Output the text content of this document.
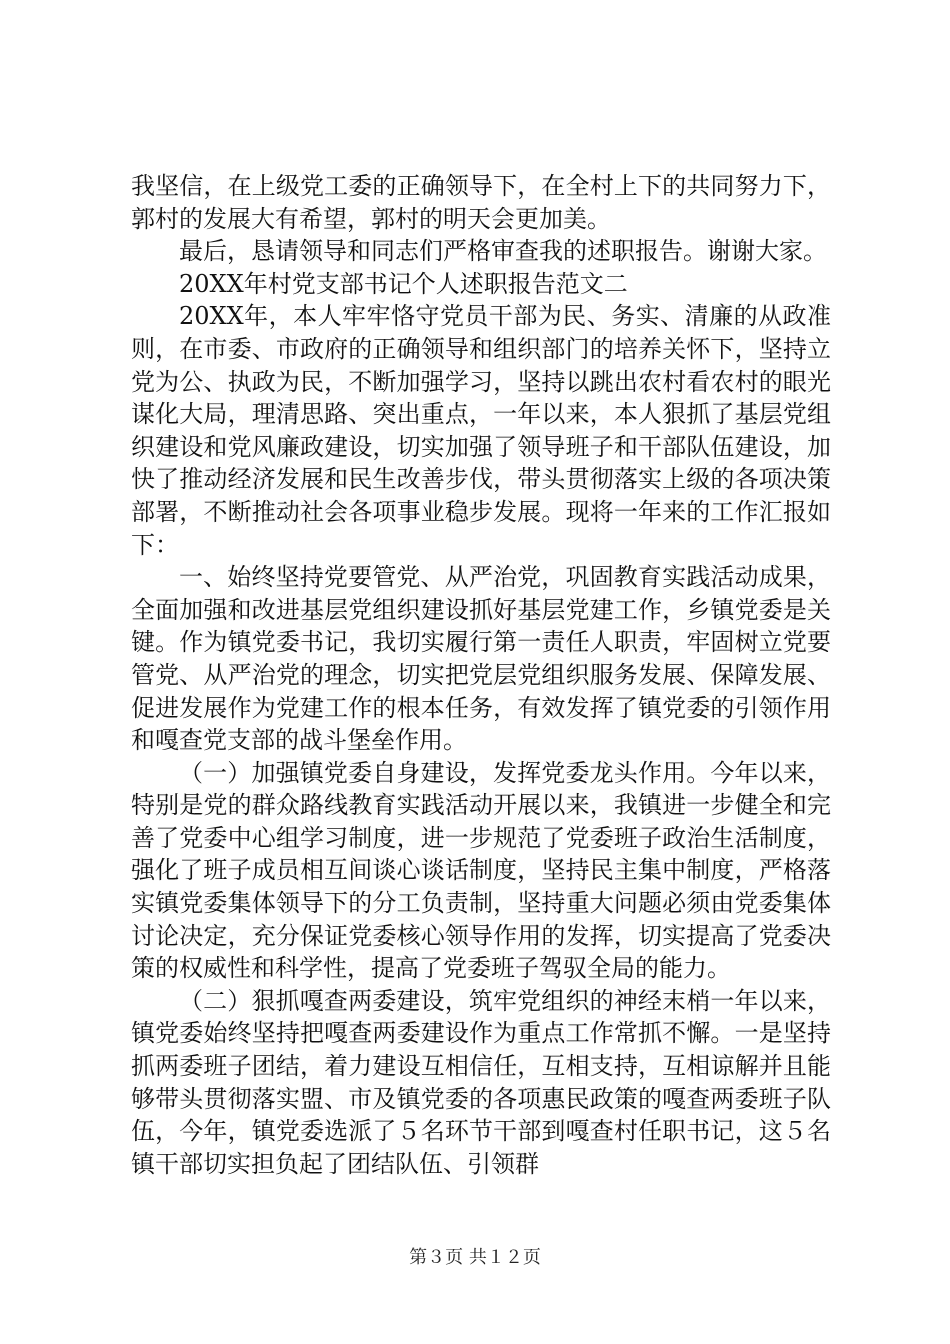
我坚信，在上级党工委的正确领导下，在全村上下的共同努力下，郭村的发展大有希望，郭村的明天会更加美。

最后，恳请领导和同志们严格审查我的述职报告。谢谢大家。

20XX年村党支部书记个人述职报告范文二

20XX年，本人牢牢恪守党员干部为民、务实、清廉的从政准则，在市委、市政府的正确领导和组织部门的培养关怀下，坚持立党为公、执政为民，不断加强学习，坚持以跳出农村看农村的眼光谋化大局，理清思路、突出重点，一年以来，本人狠抓了基层党组织建设和党风廉政建设，切实加强了领导班子和干部队伍建设，加快了推动经济发展和民生改善步伐，带头贯彻落实上级的各项决策部署，不断推动社会各项事业稳步发展。现将一年来的工作汇报如下：

一、始终坚持党要管党、从严治党，巩固教育实践活动成果，全面加强和改进基层党组织建设抓好基层党建工作，乡镇党委是关键。作为镇党委书记，我切实履行第一责任人职责，牢固树立党要管党、从严治党的理念，切实把党层党组织服务发展、保障发展、促进发展作为党建工作的根本任务，有效发挥了镇党委的引领作用和嘎查党支部的战斗堡垒作用。

（一）加强镇党委自身建设，发挥党委龙头作用。今年以来，特别是党的群众路线教育实践活动开展以来，我镇进一步健全和完善了党委中心组学习制度，进一步规范了党委班子政治生活制度，强化了班子成员相互间谈心谈话制度，坚持民主集中制度，严格落实镇党委集体领导下的分工负责制，坚持重大问题必须由党委集体讨论决定，充分保证党委核心领导作用的发挥，切实提高了党委决策的权威性和科学性，提高了党委班子驾驭全局的能力。

（二）狠抓嘎查两委建设，筑牢党组织的神经末梢一年以来，镇党委始终坚持把嘎查两委建设作为重点工作常抓不懈。一是坚持抓两委班子团结，着力建设互相信任，互相支持，互相谅解并且能够带头贯彻落实盟、市及镇党委的各项惠民政策的嘎查两委班子队伍，今年，镇党委选派了５名环节干部到嘎查村任职书记，这５名镇干部切实担负起了团结队伍、引领群

第３页 共１２页
